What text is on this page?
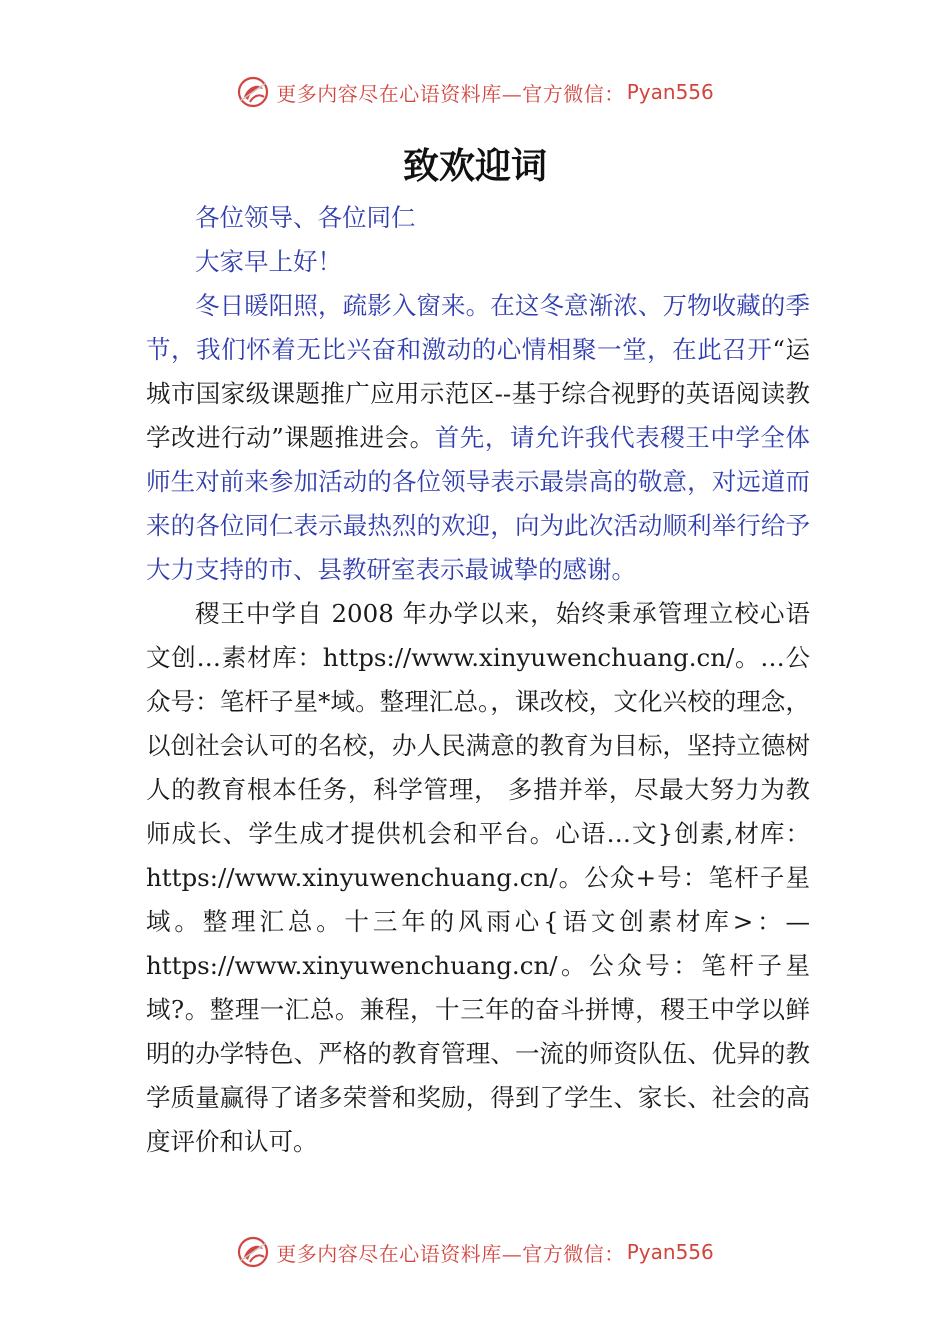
更多内容尽在心语资料库—官方微信： Pyan556
致欢迎词

各位领导、各位同仁

大家早上好！

冬日暖阳照，疏影入窗来。在这冬意渐浓、万物收藏的季节，我们怀着无比兴奋和激动的心情相聚一堂，在此召开“运城市国家级课题推广应用示范区--基于综合视野的英语阅读教学改进行动”课题推进会。首先，请允许我代表稷王中学全体师生对前来参加活动的各位领导表示最崇高的敬意，对远道而来的各位同仁表示最热烈的欢迎，向为此次活动顺利举行给予大力支持的市、县教研室表示最诚挚的感谢。

稷王中学自 2008 年办学以来，始终秉承管理立校心语文创…素材库：https://www.xinyuwenchuang.cn/。…公众号：笔杆子星*域。整理汇总。，课改校，文化兴校的理念，以创社会认可的名校，办人民满意的教育为目标，坚持立德树人的教育根本任务，科学管理， 多措并举，尽最大努力为教师成长、学生成才提供机会和平台。心语…文}创素,材库：https://www.xinyuwenchuang.cn/。公众+号：笔杆子星域。整理汇总。十三年的风雨心{语文创素材库>：—https://www.xinyuwenchuang.cn/。公众号：笔杆子星域?。整理一汇总。兼程，十三年的奋斗拼博，稷王中学以鲜明的办学特色、严格的教育管理、一流的师资队伍、优异的教学质量赢得了诸多荣誉和奖励，得到了学生、家长、社会的高度评价和认可。

更多内容尽在心语资料库—官方微信： Pyan556
